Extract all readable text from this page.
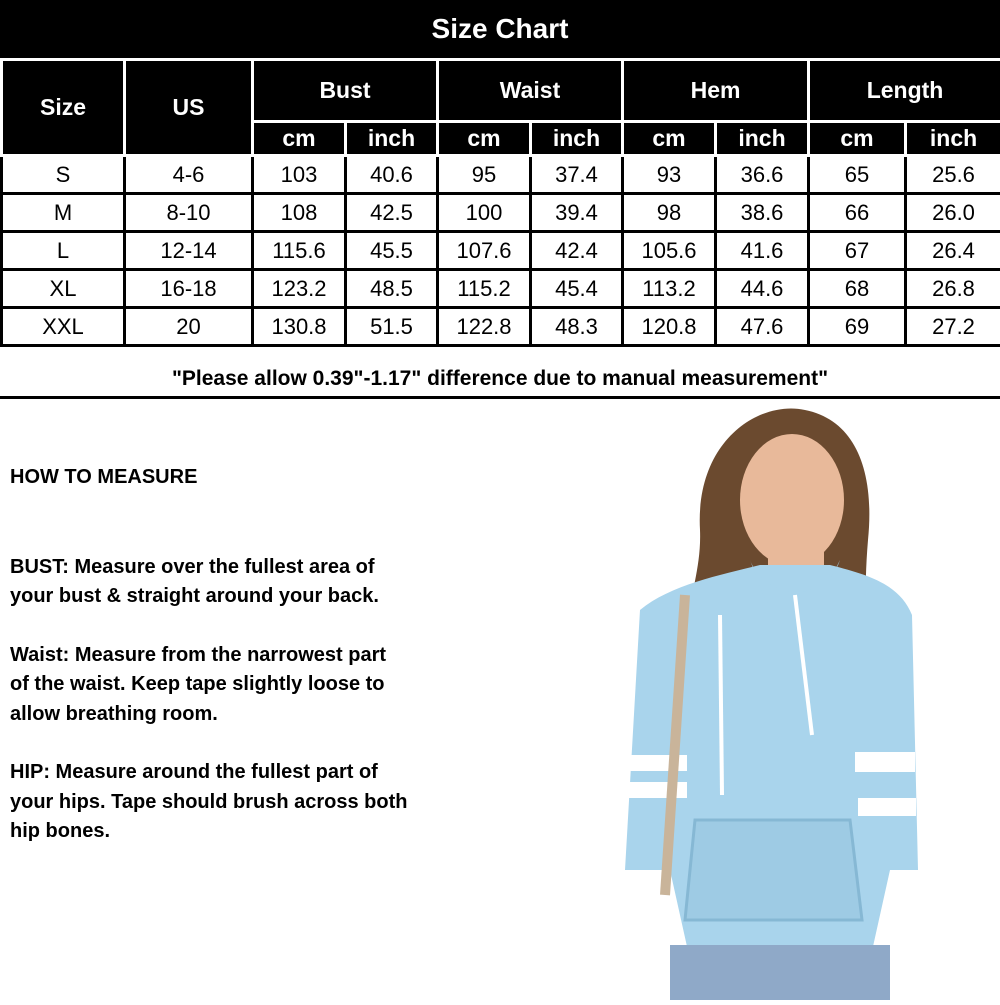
Size Chart
Size	US	Bust		Waist		Hem		Length	
		cm	inch	cm	inch	cm	inch	cm	inch
S	4-6	103	40.6	95	37.4	93	36.6	65	25.6
M	8-10	108	42.5	100	39.4	98	38.6	66	26.0
L	12-14	115.6	45.5	107.6	42.4	105.6	41.6	67	26.4
XL	16-18	123.2	48.5	115.2	45.4	113.2	44.6	68	26.8
XXL	20	130.8	51.5	122.8	48.3	120.8	47.6	69	27.2
"Please allow 0.39"-1.17" difference due to manual measurement"
HOW TO MEASURE

BUST: Measure over the fullest area of
your bust & straight around your back.

Waist: Measure from the narrowest part
of the waist. Keep tape slightly loose to
allow breathing room.

HIP: Measure around the fullest part of
your hips. Tape should brush across both
hip bones.
